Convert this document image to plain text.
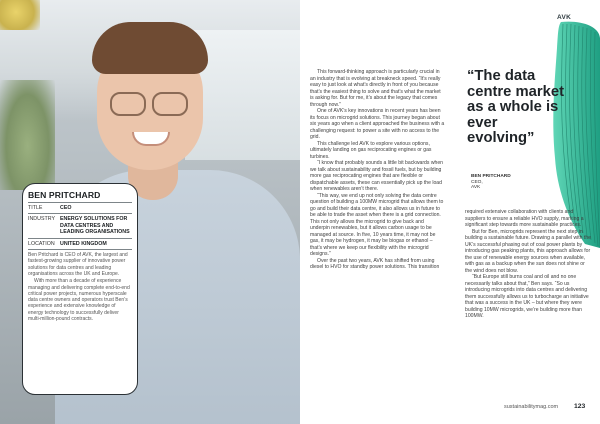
BEN PRITCHARD
TITLE	CEO
INDUSTRY ENERGY SOLUTIONS FOR DATA CENTRES AND LEADING ORGANISATIONS
LOCATION	UNITED KINGDOM

Ben Pritchard is CEO of AVK, the largest and fastest-growing supplier of innovative power solutions for data centres and leading organisations across the UK and Europe.

With more than a decade of experience managing and delivering complete end-to-end critical power projects, numerous hyperscale data centre owners and operators trust Ben’s experience and extensive knowledge of energy technology to successfully deliver multi-million-pound contracts.

AVK

This forward-thinking approach is particularly crucial in an industry that is evolving at breakneck speed. “It’s really easy to just look at what’s directly in front of you because that’s the easiest thing to solve and that’s what the market is asking for. But for me, it’s about the legacy that comes through now.”

One of AVK’s key innovations in recent years has been its focus on microgrid solutions. This journey began about six years ago when a client approached the business with a challenging request: to power a site with no access to the grid.

This challenge led AVK to explore various options, ultimately landing on gas reciprocating engines or gas turbines.

“I know that probably sounds a little bit backwards when we talk about sustainability and fossil fuels, but by building more gas reciprocating engines that are flexible or dispatchable assets, these can essentially pick up the load when renewables aren’t there.

“This way, we end up not only solving the data centre question of building a 100MW microgrid that allows them to go and build their data centre, it also allows us in future to be able to trade the asset when there is a grid connection. This not only allows the microgrid to give back and underpin renewables, but it allows carbon usage to be managed at source. In five, 10 years time, it may not be gas, it may be hydrogen, it may be biogas or ethanol – that’s where we keep our flexibility with the microgrid designs.”

Over the past two years, AVK has shifted from using diesel to HVO for standby power solutions. This transition

“The data centre market as a whole is ever evolving”
BEN PRITCHARD
CEO,
AVK

required extensive collaboration with clients and suppliers to ensure a reliable HVO supply, marking a significant step towards more sustainable practices.

But for Ben, microgrids represent the next step in building a sustainable future. Drawing a parallel with the UK’s successful phasing out of coal power plants by introducing gas peaking plants, this approach allows for the use of renewable energy sources when available, with gas as a backup when the sun does not shine or the wind does not blow.

“But Europe still burns coal and oil and no one necessarily talks about that,” Ben says. “So us introducing microgrids into data centres and delivering them successfully allows us to turbocharge an initiative that was a success in the UK – but where they were building 10MW microgrids, we’re building more than 100MW.

sustainabilitymag.com 123
